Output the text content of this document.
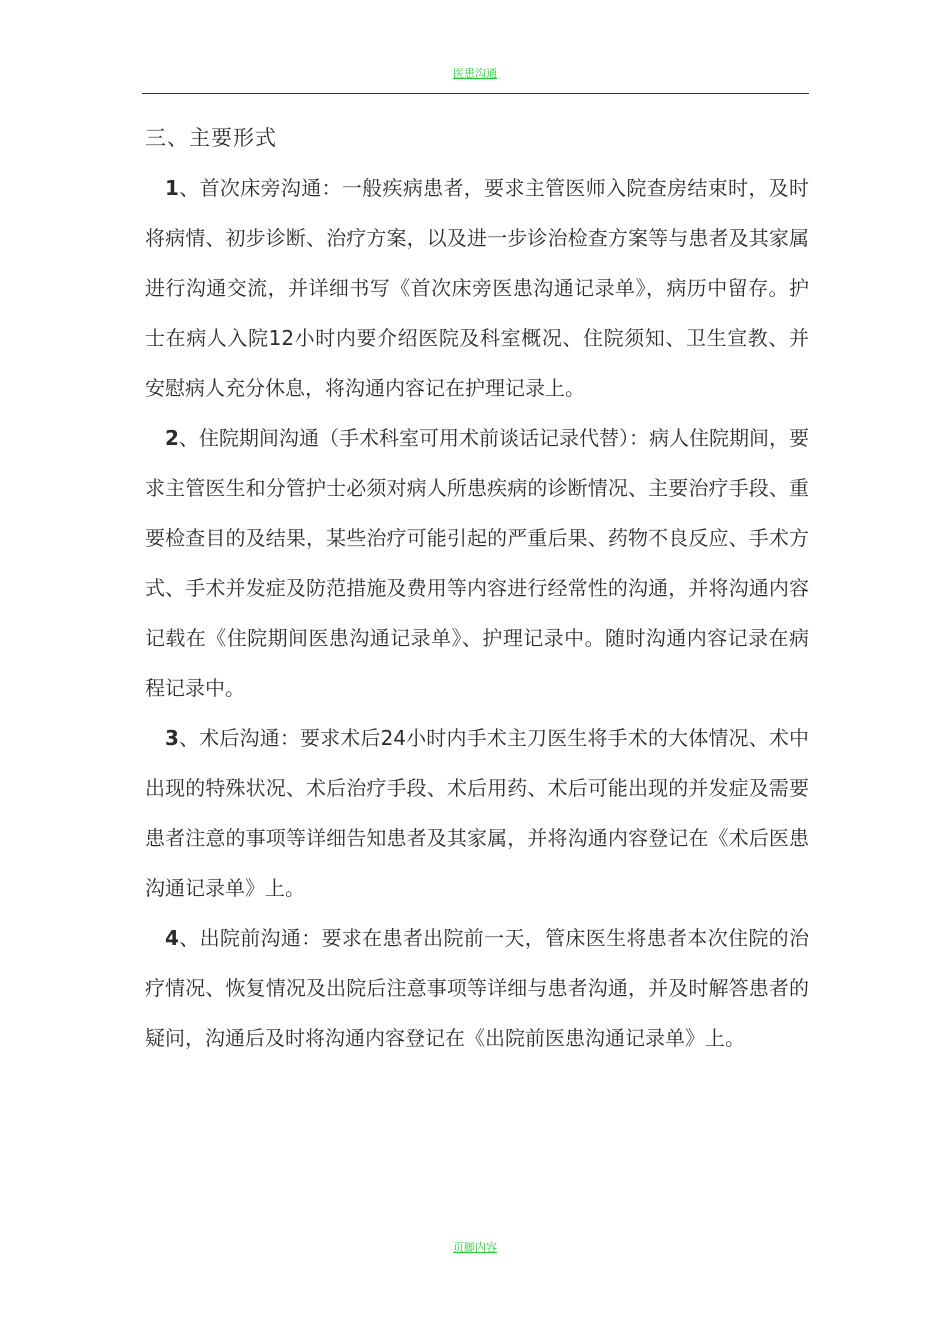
医患沟通
三、主要形式

1、首次床旁沟通：一般疾病患者，要求主管医师入院查房结束时，及时将病情、初步诊断、治疗方案，以及进一步诊治检查方案等与患者及其家属进行沟通交流，并详细书写《首次床旁医患沟通记录单》，病历中留存。护士在病人入院12小时内要介绍医院及科室概况、住院须知、卫生宣教、并安慰病人充分休息，将沟通内容记在护理记录上。

2、住院期间沟通（手术科室可用术前谈话记录代替）：病人住院期间，要求主管医生和分管护士必须对病人所患疾病的诊断情况、主要治疗手段、重要检查目的及结果，某些治疗可能引起的严重后果、药物不良反应、手术方式、手术并发症及防范措施及费用等内容进行经常性的沟通，并将沟通内容记载在《住院期间医患沟通记录单》、护理记录中。随时沟通内容记录在病程记录中。

3、术后沟通：要求术后24小时内手术主刀医生将手术的大体情况、术中出现的特殊状况、术后治疗手段、术后用药、术后可能出现的并发症及需要患者注意的事项等详细告知患者及其家属，并将沟通内容登记在《术后医患沟通记录单》上。

4、出院前沟通：要求在患者出院前一天，管床医生将患者本次住院的治疗情况、恢复情况及出院后注意事项等详细与患者沟通，并及时解答患者的疑问，沟通后及时将沟通内容登记在《出院前医患沟通记录单》上。

页脚内容
